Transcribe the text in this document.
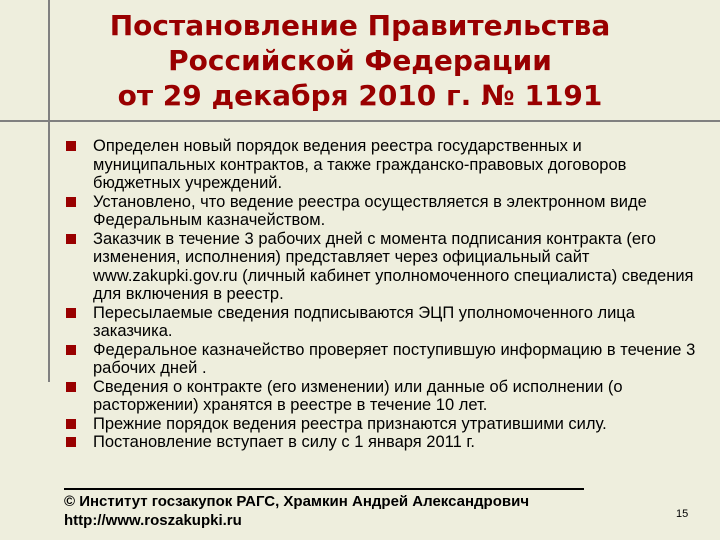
Постановление Правительства
Российской Федерации
от 29 декабря 2010 г. № 1191
Определен новый порядок ведения реестра государственных и муниципальных контрактов, а также гражданско-правовых договоров бюджетных учреждений.
Установлено, что ведение реестра осуществляется в электронном виде Федеральным казначейством.
Заказчик в течение 3 рабочих дней с момента подписания контракта (его изменения, исполнения) представляет через официальный сайт www.zakupki.gov.ru (личный кабинет уполномоченного специалиста) сведения для включения в реестр.
Пересылаемые сведения подписываются ЭЦП уполномоченного лица заказчика.
Федеральное казначейство проверяет поступившую информацию в течение 3 рабочих дней .
Сведения о контракте (его изменении) или данные об исполнении (о расторжении) хранятся в реестре в течение 10 лет.
Прежние порядок ведения реестра признаются утратившими силу.
Постановление вступает в силу с 1 января 2011 г.
© Институт госзакупок РАГС, Храмкин Андрей Александрович
http://www.roszakupki.ru	15
